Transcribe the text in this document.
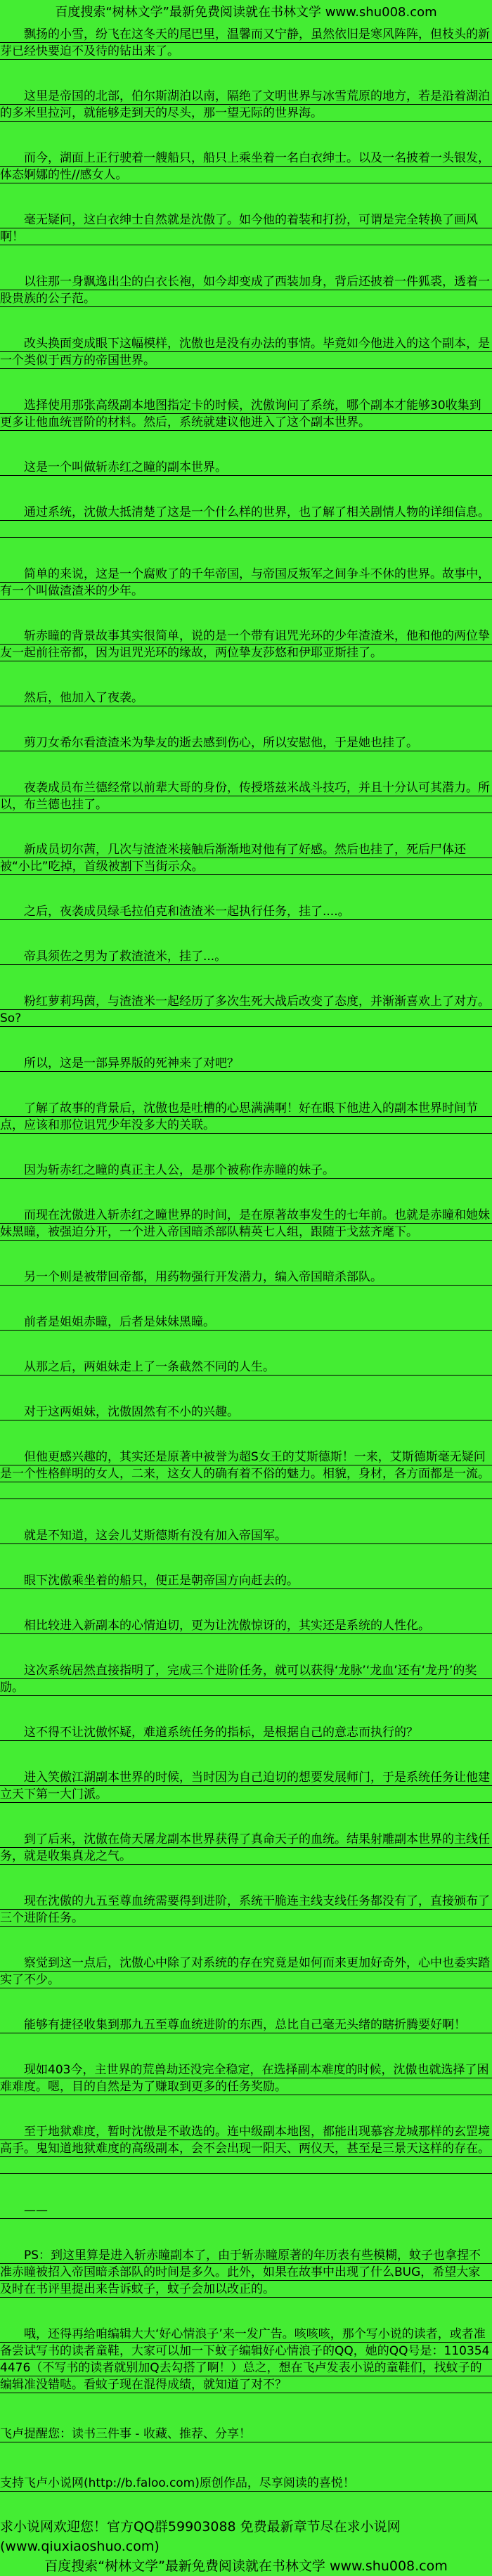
百度搜索“树林文学”最新免费阅读就在书林文学 www.shu008.com

飘扬的小雪，纷飞在这冬天的尾巴里，温馨而又宁静，虽然依旧是寒风阵阵，但枝头的新芽已经快要迫不及待的钻出来了。

这里是帝国的北部，伯尔斯湖泊以南，隔绝了文明世界与冰雪荒原的地方，若是沿着湖泊的多米里拉河，就能够走到天的尽头，那一望无际的世界海。

而今，湖面上正行驶着一艘船只，船只上乘坐着一名白衣绅士。以及一名披着一头银发，体态婀娜的性//感女人。

毫无疑问，这白衣绅士自然就是沈傲了。如今他的着装和打扮，可谓是完全转换了画风啊！

以往那一身飘逸出尘的白衣长袍，如今却变成了西装加身，背后还披着一件狐裘，透着一股贵族的公子范。

改头换面变成眼下这幅模样，沈傲也是没有办法的事情。毕竟如今他进入的这个副本，是一个类似于西方的帝国世界。

选择使用那张高级副本地图指定卡的时候，沈傲询问了系统，哪个副本才能够30收集到更多让他血统晋阶的材料。然后，系统就建议他进入了这个副本世界。

这是一个叫做斩赤红之瞳的副本世界。

通过系统，沈傲大抵清楚了这是一个什么样的世界，也了解了相关剧情人物的详细信息。

简单的来说，这是一个腐败了的千年帝国，与帝国反叛军之间争斗不休的世界。故事中，有一个叫做渣渣米的少年。

斩赤瞳的背景故事其实很简单，说的是一个带有诅咒光环的少年渣渣米，他和他的两位挚友一起前往帝都，因为诅咒光环的缘故，两位挚友莎悠和伊耶亚斯挂了。

然后，他加入了夜袭。

剪刀女希尔看渣渣米为挚友的逝去感到伤心，所以安慰他，于是她也挂了。

夜袭成员布兰德经常以前辈大哥的身份，传授塔兹米战斗技巧，并且十分认可其潜力。所以，布兰德也挂了。

新成员切尔茜，几次与渣渣米接触后渐渐地对他有了好感。然后也挂了，死后尸体还被“小比”吃掉，首级被割下当街示众。

之后，夜袭成员绿毛拉伯克和渣渣米一起执行任务，挂了....。

帝具须佐之男为了救渣渣米，挂了...。

粉红萝莉玛茵，与渣渣米一起经历了多次生死大战后改变了态度，并渐渐喜欢上了对方。So?

所以，这是一部异界版的死神来了对吧？

了解了故事的背景后，沈傲也是吐槽的心思满满啊！好在眼下他进入的副本世界时间节点，应该和那位诅咒少年没多大的关联。

因为斩赤红之瞳的真正主人公，是那个被称作赤瞳的妹子。

而现在沈傲进入斩赤红之瞳世界的时间，是在原著故事发生的七年前。也就是赤瞳和她妹妹黑瞳，被强迫分开，一个进入帝国暗杀部队精英七人组，跟随于戈兹齐麾下。

另一个则是被带回帝都，用药物强行开发潜力，编入帝国暗杀部队。

前者是姐姐赤瞳，后者是妹妹黑瞳。

从那之后，两姐妹走上了一条截然不同的人生。

对于这两姐妹，沈傲固然有不小的兴趣。

但他更感兴趣的，其实还是原著中被誉为超S女王的艾斯德斯！一来，艾斯德斯毫无疑问是一个性格鲜明的女人，二来，这女人的确有着不俗的魅力。相貌，身材，各方面都是一流。

就是不知道，这会儿艾斯德斯有没有加入帝国军。

眼下沈傲乘坐着的船只，便正是朝帝国方向赶去的。

相比较进入新副本的心情迫切，更为让沈傲惊讶的，其实还是系统的人性化。

这次系统居然直接指明了，完成三个进阶任务，就可以获得‘龙脉’‘龙血’还有‘龙丹’的奖励。

这不得不让沈傲怀疑，难道系统任务的指标，是根据自己的意志而执行的？

进入笑傲江湖副本世界的时候，当时因为自己迫切的想要发展师门，于是系统任务让他建立天下第一大门派。

到了后来，沈傲在倚天屠龙副本世界获得了真命天子的血统。结果射雕副本世界的主线任务，就是收集真龙之气。

现在沈傲的九五至尊血统需要得到进阶，系统干脆连主线支线任务都没有了，直接颁布了三个进阶任务。

察觉到这一点后，沈傲心中除了对系统的存在究竟是如何而来更加好奇外，心中也委实踏实了不少。

能够有捷径收集到那九五至尊血统进阶的东西，总比自己毫无头绪的瞎折腾要好啊！

现如403今，主世界的荒兽劫还没完全稳定，在选择副本难度的时候，沈傲也就选择了困难难度。嗯，目的自然是为了赚取到更多的任务奖励。

至于地狱难度，暂时沈傲是不敢选的。连中级副本地图，都能出现慕容龙城那样的玄罡境高手。鬼知道地狱难度的高级副本，会不会出现一阳天、两仪天，甚至是三景天这样的存在。

——

PS：到这里算是进入斩赤瞳副本了，由于斩赤瞳原著的年历表有些模糊，蚊子也拿捏不准赤瞳被招入帝国暗杀部队的时间是多久。此外，如果在故事中出现了什么BUG，希望大家及时在书评里提出来告诉蚊子，蚊子会加以改正的。

哦，还得再给咱编辑大大‘好心情浪子’来一发广告。咳咳咳，那个写小说的读者，或者准备尝试写书的读者童鞋，大家可以加一下蚊子编辑好心情浪子的QQ，她的QQ号是：1103544476（不写书的读者就别加Q去勾搭了啊！）总之，想在飞卢发表小说的童鞋们，找蚊子的编辑准没错哒。看蚊子现在混得成绩，就知道了对不？

飞卢提醒您：读书三件事 - 收藏、推荐、分享！

支持飞卢小说网(http://b.faloo.com)原创作品，尽享阅读的喜悦！

求小说网欢迎您！官方QQ群59903088 免费最新章节尽在求小说网(www.qiuxiaoshuo.com)

百度搜索“树林文学”最新免费阅读就在书林文学 www.shu008.com
